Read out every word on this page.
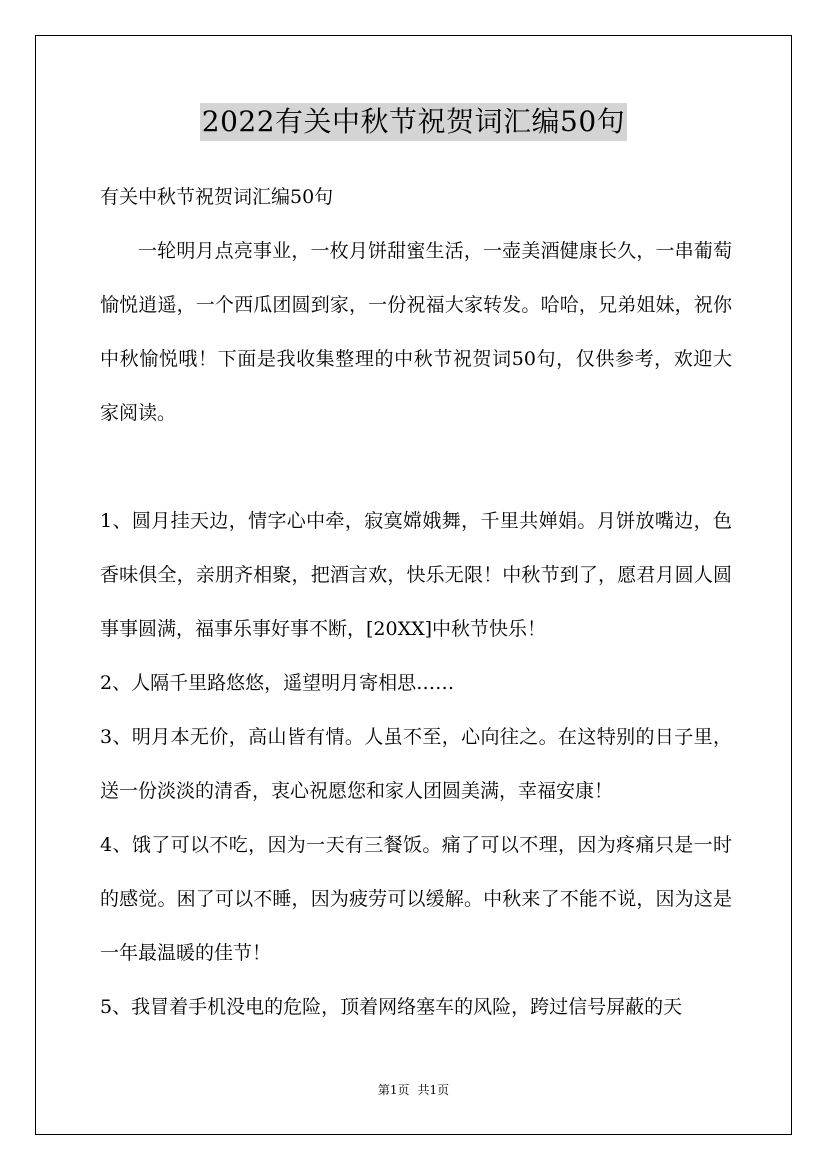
2022有关中秋节祝贺词汇编50句

有关中秋节祝贺词汇编50句

一轮明月点亮事业，一枚月饼甜蜜生活，一壶美酒健康长久，一串葡萄愉悦逍遥，一个西瓜团圆到家，一份祝福大家转发。哈哈，兄弟姐妹，祝你中秋愉悦哦！下面是我收集整理的中秋节祝贺词50句，仅供参考，欢迎大家阅读。

1、圆月挂天边，情字心中牵，寂寞嫦娥舞，千里共婵娟。月饼放嘴边，色香味俱全，亲朋齐相聚，把酒言欢，快乐无限！中秋节到了，愿君月圆人圆事事圆满，福事乐事好事不断，[20XX]中秋节快乐！

2、人隔千里路悠悠，遥望明月寄相思……

3、明月本无价，高山皆有情。人虽不至，心向往之。在这特别的日子里，送一份淡淡的清香，衷心祝愿您和家人团圆美满，幸福安康！

4、饿了可以不吃，因为一天有三餐饭。痛了可以不理，因为疼痛只是一时的感觉。困了可以不睡，因为疲劳可以缓解。中秋来了不能不说，因为这是一年最温暖的佳节！

5、我冒着手机没电的危险，顶着网络塞车的风险，跨过信号屏蔽的天

第1页 共1页
